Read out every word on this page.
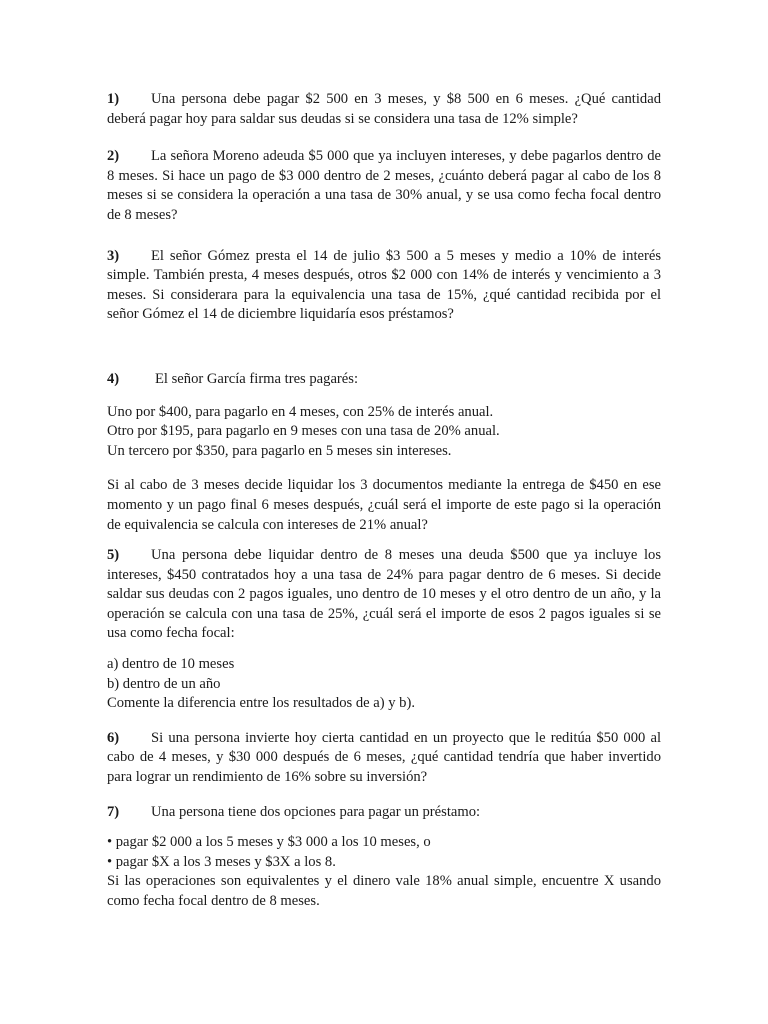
1) Una persona debe pagar $2 500 en 3 meses, y $8 500 en 6 meses. ¿Qué cantidad deberá pagar hoy para saldar sus deudas si se considera una tasa de 12% simple?

2) La señora Moreno adeuda $5 000 que ya incluyen intereses, y debe pagarlos dentro de 8 meses. Si hace un pago de $3 000 dentro de 2 meses, ¿cuánto deberá pagar al cabo de los 8 meses si se considera la operación a una tasa de 30% anual, y se usa como fecha focal dentro de 8 meses?

3) El señor Gómez presta el 14 de julio $3 500 a 5 meses y medio a 10% de interés simple. También presta, 4 meses después, otros $2 000 con 14% de interés y vencimiento a 3 meses. Si considerara para la equivalencia una tasa de 15%, ¿qué cantidad recibida por el señor Gómez el 14 de diciembre liquidaría esos préstamos?

4) El señor García firma tres pagarés:

Uno por $400, para pagarlo en 4 meses, con 25% de interés anual.
Otro por $195, para pagarlo en 9 meses con una tasa de 20% anual.
Un tercero por $350, para pagarlo en 5 meses sin intereses.

Si al cabo de 3 meses decide liquidar los 3 documentos mediante la entrega de $450 en ese momento y un pago final 6 meses después, ¿cuál será el importe de este pago si la operación de equivalencia se calcula con intereses de 21% anual?

5) Una persona debe liquidar dentro de 8 meses una deuda $500 que ya incluye los intereses, $450 contratados hoy a una tasa de 24% para pagar dentro de 6 meses. Si decide saldar sus deudas con 2 pagos iguales, uno dentro de 10 meses y el otro dentro de un año, y la operación se calcula con una tasa de 25%, ¿cuál será el importe de esos 2 pagos iguales si se usa como fecha focal:

a) dentro de 10 meses
b) dentro de un año
Comente la diferencia entre los resultados de a) y b).

6) Si una persona invierte hoy cierta cantidad en un proyecto que le reditúa $50 000 al cabo de 4 meses, y $30 000 después de 6 meses, ¿qué cantidad tendría que haber invertido para lograr un rendimiento de 16% sobre su inversión?

7) Una persona tiene dos opciones para pagar un préstamo:

• pagar $2 000 a los 5 meses y $3 000 a los 10 meses, o
• pagar $X a los 3 meses y $3X a los 8.
Si las operaciones son equivalentes y el dinero vale 18% anual simple, encuentre X usando como fecha focal dentro de 8 meses.
